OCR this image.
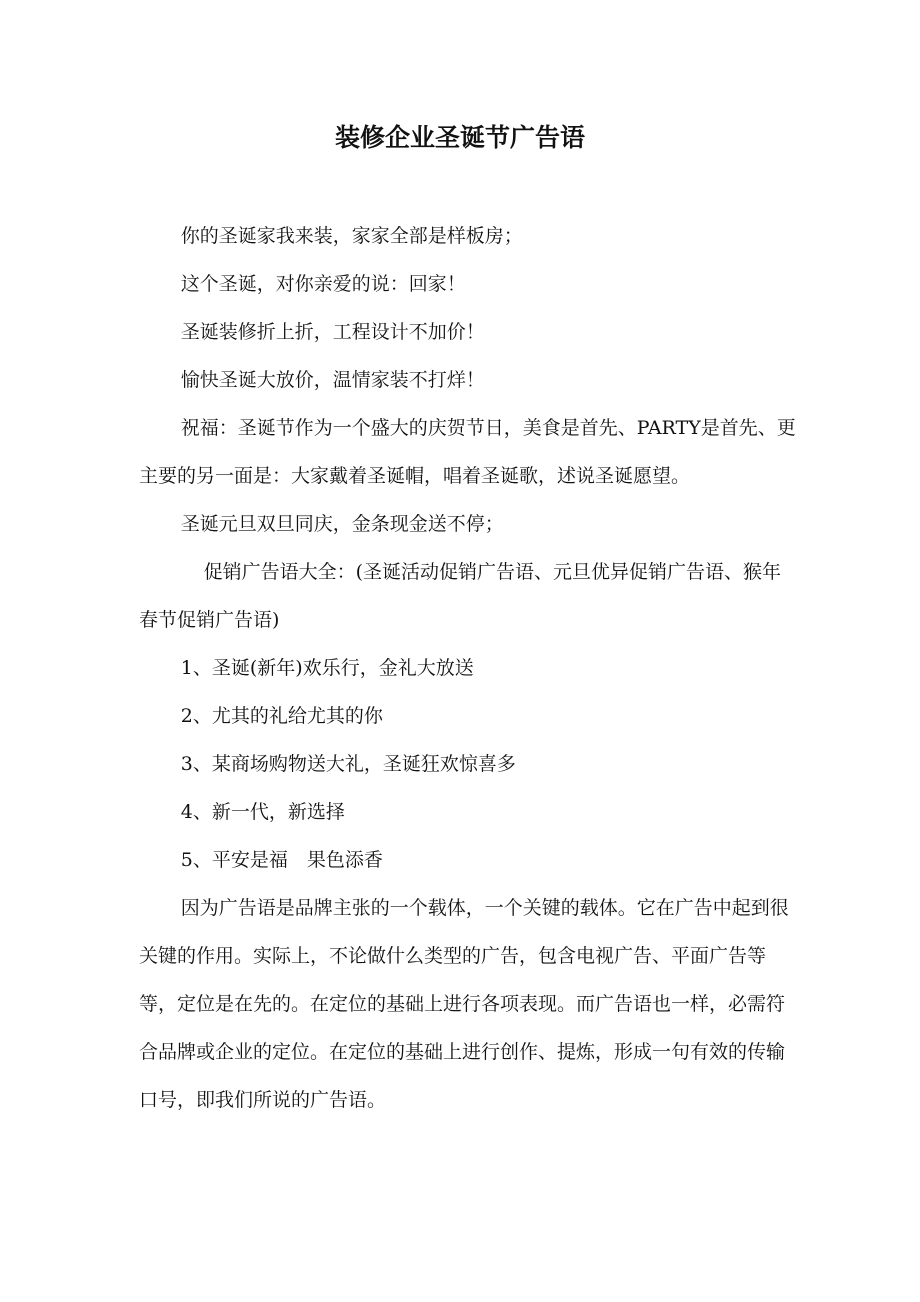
装修企业圣诞节广告语

你的圣诞家我来装，家家全部是样板房；

这个圣诞，对你亲爱的说：回家！

圣诞装修折上折，工程设计不加价！

愉快圣诞大放价，温情家装不打烊！

祝福：圣诞节作为一个盛大的庆贺节日，美食是首先、PARTY是首先、更主要的另一面是：大家戴着圣诞帽，唱着圣诞歌，述说圣诞愿望。

圣诞元旦双旦同庆，金条现金送不停；

促销广告语大全：(圣诞活动促销广告语、元旦优异促销广告语、猴年春节促销广告语)

1、圣诞(新年)欢乐行，金礼大放送

2、尤其的礼给尤其的你

3、某商场购物送大礼，圣诞狂欢惊喜多

4、新一代，新选择

5、平安是福　果色添香

因为广告语是品牌主张的一个载体，一个关键的载体。它在广告中起到很关键的作用。实际上，不论做什么类型的广告，包含电视广告、平面广告等等，定位是在先的。在定位的基础上进行各项表现。而广告语也一样，必需符合品牌或企业的定位。在定位的基础上进行创作、提炼，形成一句有效的传输口号，即我们所说的广告语。
